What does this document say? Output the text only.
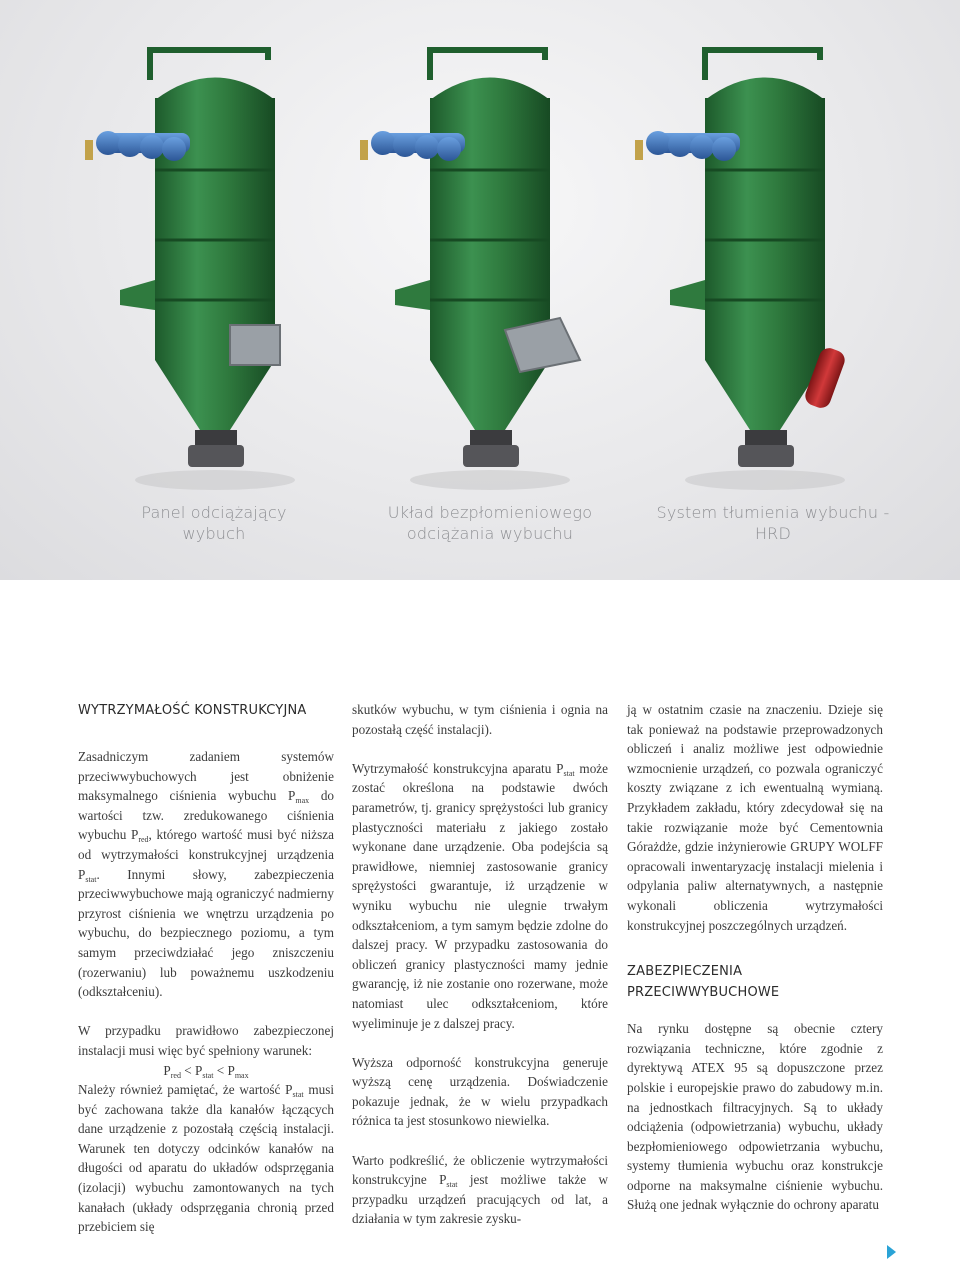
Panel odciążający
wybuch
Układ bezpłomieniowego
odciążania wybuchu
System tłumienia wybuchu -
HRD
WYTRZYMAŁOŚĆ KONSTRUKCYJNA

Zasadniczym zadaniem systemów przeciwwybuchowych jest obniżenie maksymalnego ciśnienia wybuchu $P_{max}$ do wartości tzw. zredukowanego ciśnienia wybuchu $P_{red}$, którego wartość musi być niższa od wytrzymałości konstrukcyjnej urządzenia $P_{stat}$. Innymi słowy, zabezpieczenia przeciwwybuchowe mają ograniczyć nadmierny przyrost ciśnienia we wnętrzu urządzenia po wybuchu, do bezpiecznego poziomu, a tym samym przeciwdziałać jego zniszczeniu (rozerwaniu) lub poważnemu uszkodzeniu (odkształceniu).

W przypadku prawidłowo zabezpieczonej instalacji musi więc być spełniony warunek:

$P_{red} < P_{stat} < P_{max}$

Należy również pamiętać, że wartość $P_{stat}$ musi być zachowana także dla kanałów łączących dane urządzenie z pozostałą częścią instalacji. Warunek ten dotyczy odcinków kanałów na długości od aparatu do układów odsprzęgania (izolacji) wybuchu zamontowanych na tych kanałach (układy odsprzęgania chronią przed przebiciem się

skutków wybuchu, w tym ciśnienia i ognia na pozostałą część instalacji).

Wytrzymałość konstrukcyjna aparatu $P_{stat}$ może zostać określona na podstawie dwóch parametrów, tj. granicy sprężystości lub granicy plastyczności materiału z jakiego zostało wykonane dane urządzenie. Oba podejścia są prawidłowe, niemniej zastosowanie granicy sprężystości gwarantuje, iż urządzenie w wyniku wybuchu nie ulegnie trwałym odkształceniom, a tym samym będzie zdolne do dalszej pracy. W przypadku zastosowania do obliczeń granicy plastyczności mamy jednie gwarancję, iż nie zostanie ono rozerwane, może natomiast ulec odkształceniom, które wyeliminuje je z dalszej pracy.

Wyższa odporność konstrukcyjna generuje wyższą cenę urządzenia. Doświadczenie pokazuje jednak, że w wielu przypadkach różnica ta jest stosunkowo niewielka.

Warto podkreślić, że obliczenie wytrzymałości konstrukcyjne $P_{stat}$ jest możliwe także w przypadku urządzeń pracujących od lat, a działania w tym zakresie zysku-

ją w ostatnim czasie na znaczeniu. Dzieje się tak ponieważ na podstawie przeprowadzonych obliczeń i analiz możliwe jest odpowiednie wzmocnienie urządzeń, co pozwala ograniczyć koszty związane z ich ewentualną wymianą. Przykładem zakładu, który zdecydował się na takie rozwiązanie może być Cementownia Górażdże, gdzie inżynierowie GRUPY WOLFF opracowali inwentaryzację instalacji mielenia i odpylania paliw alternatywnych, a następnie wykonali obliczenia wytrzymałości konstrukcyjnej poszczególnych urządzeń.

ZABEZPIECZENIA
PRZECIWWYBUCHOWE

Na rynku dostępne są obecnie cztery rozwiązania techniczne, które zgodnie z dyrektywą ATEX 95 są dopuszczone przez polskie i europejskie prawo do zabudowy m.in. na jednostkach filtracyjnych. Są to układy odciążenia (odpowietrzania) wybuchu, układy bezpłomieniowego odpowietrzania wybuchu, systemy tłumienia wybuchu oraz konstrukcje odporne na maksymalne ciśnienie wybuchu. Służą one jednak wyłącznie do ochrony aparatu
